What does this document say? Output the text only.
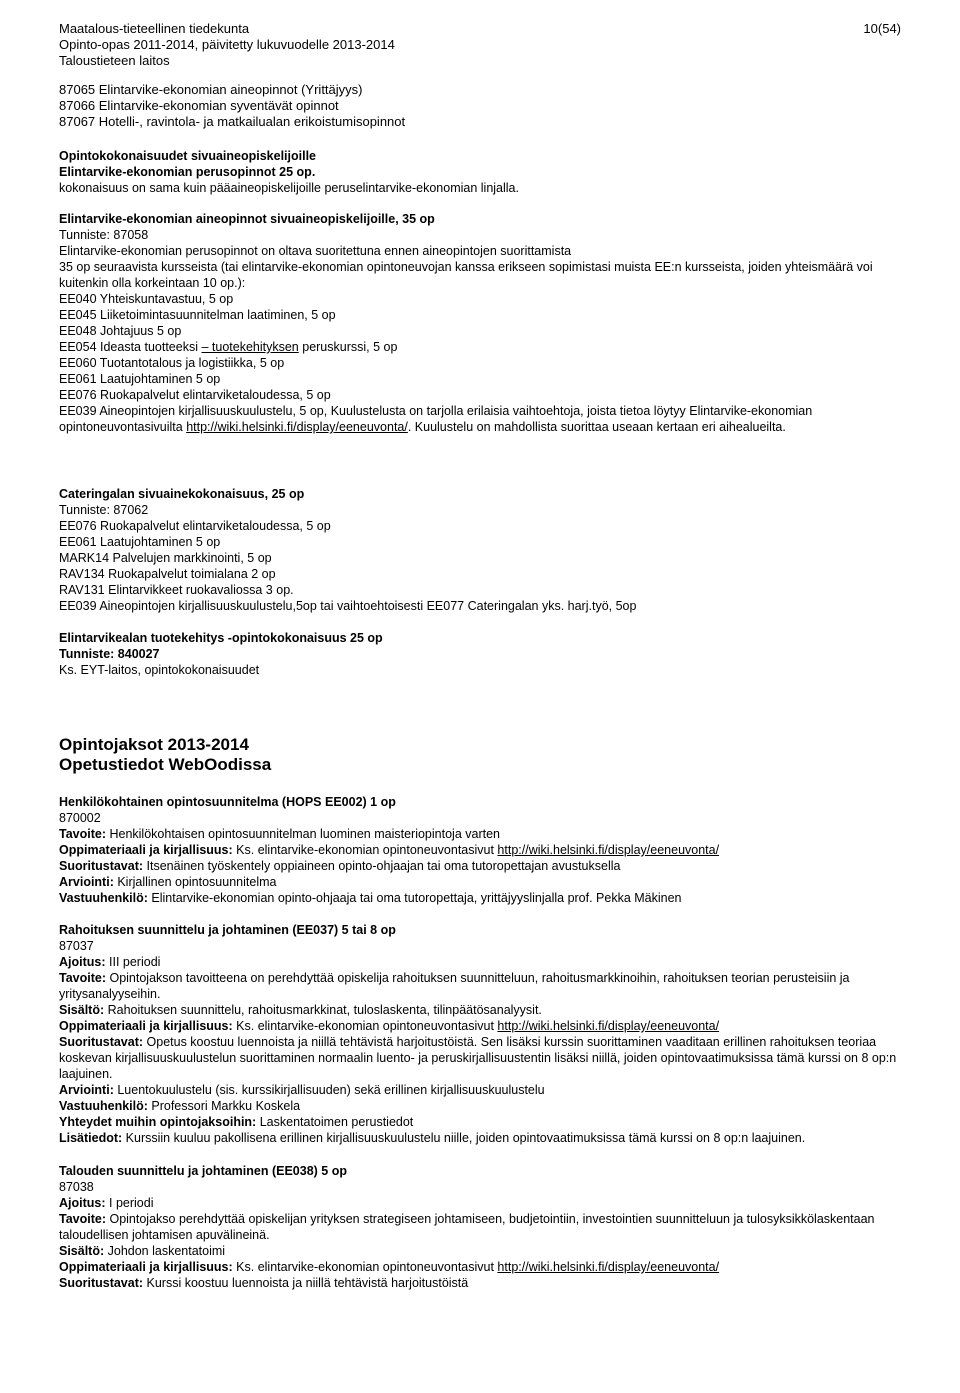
Maatalous-tieteellinen tiedekunta
Opinto-opas 2011-2014, päivitetty lukuvuodelle 2013-2014
Taloustieteen laitos
10(54)
87065 Elintarvike-ekonomian aineopinnot (Yrittäjyys)
87066 Elintarvike-ekonomian syventävät opinnot
87067 Hotelli-, ravintola- ja matkailualan erikoistumisopinnot
Opintokokonaisuudet sivuaineopiskelijoille
Elintarvike-ekonomian perusopinnot 25 op.
kokonaisuus on sama kuin pääaineopiskelijoille peruselintarvike-ekonomian linjalla.
Elintarvike-ekonomian aineopinnot sivuaineopiskelijoille, 35 op
Tunniste: 87058
Elintarvike-ekonomian perusopinnot on oltava suoritettuna ennen aineopintojen suorittamista
35 op seuraavista kursseista (tai elintarvike-ekonomian opintoneuvojan kanssa erikseen sopimistasi muista EE:n kursseista, joiden yhteismäärä voi kuitenkin olla korkeintaan 10 op.):
EE040 Yhteiskuntavastuu, 5 op
EE045 Liiketoimintasuunnitelman laatiminen, 5 op
EE048 Johtajuus 5 op
EE054 Ideasta tuotteeksi – tuotekehityksen peruskurssi, 5 op
EE060 Tuotantotalous ja logistiikka, 5 op
EE061 Laatujohtaminen 5 op
EE076 Ruokapalvelut elintarviketaloudessa, 5 op
EE039 Aineopintojen kirjallisuuskuulustelu, 5 op, Kuulustelusta on tarjolla erilaisia vaihtoehtoja, joista tietoa löytyy Elintarvike-ekonomian opintoneuvontasivuilta http://wiki.helsinki.fi/display/eeneuvonta/. Kuulustelu on mahdollista suorittaa useaan kertaan eri aihealueilta.
Cateringalan sivuainekokonaisuus, 25 op
Tunniste: 87062
EE076 Ruokapalvelut elintarviketaloudessa, 5 op
EE061 Laatujohtaminen 5 op
MARK14 Palvelujen markkinointi, 5 op
RAV134 Ruokapalvelut toimialana 2 op
RAV131 Elintarvikkeet ruokavaliossa 3 op.
EE039 Aineopintojen kirjallisuuskuulustelu,5op tai vaihtoehtoisesti EE077 Cateringalan yks. harj.työ, 5op
Elintarvikealan tuotekehitys -opintokokonaisuus 25 op
Tunniste: 840027
Ks. EYT-laitos, opintokokonaisuudet
Opintojaksot 2013-2014
Opetustiedot WebOodissa
Henkilökohtainen opintosuunnitelma (HOPS EE002) 1 op
870002
Tavoite: Henkilökohtaisen opintosuunnitelman luominen maisteriopintoja varten
Oppimateriaali ja kirjallisuus: Ks. elintarvike-ekonomian opintoneuvontasivut http://wiki.helsinki.fi/display/eeneuvonta/
Suoritustavat: Itsenäinen työskentely oppiaineen opinto-ohjaajan tai oma tutoropettajan avustuksella
Arviointi: Kirjallinen opintosuunnitelma
Vastuuhenkilö: Elintarvike-ekonomian opinto-ohjaaja tai oma tutoropettaja, yrittäjyyslinjalla prof. Pekka Mäkinen
Rahoituksen suunnittelu ja johtaminen (EE037) 5 tai 8 op
87037
Ajoitus: III periodi
Tavoite: Opintojakson tavoitteena on perehdyttää opiskelija rahoituksen suunnitteluun, rahoitusmarkkinoihin, rahoituksen teorian perusteisiin ja yritysanalyyseihin.
Sisältö: Rahoituksen suunnittelu, rahoitusmarkkinat, tuloslaskenta, tilinpäätösanalyysit.
Oppimateriaali ja kirjallisuus: Ks. elintarvike-ekonomian opintoneuvontasivut http://wiki.helsinki.fi/display/eeneuvonta/
Suoritustavat: Opetus koostuu luennoista ja niillä tehtävistä harjoitustöistä. Sen lisäksi kurssin suorittaminen vaaditaan erillinen rahoituksen teoriaa koskevan kirjallisuuskuulustelun suorittaminen normaalin luento- ja peruskirjallisuustentin lisäksi niillä, joiden opintovaatimuksissa tämä kurssi on 8 op:n laajuinen.
Arviointi: Luentokuulustelu (sis. kurssikirjallisuuden) sekä erillinen kirjallisuuskuulustelu
Vastuuhenkilö: Professori Markku Koskela
Yhteydet muihin opintojaksoihin: Laskentatoimen perustiedot
Lisätiedot: Kurssiin kuuluu pakollisena erillinen kirjallisuuskuulustelu niille, joiden opintovaatimuksissa tämä kurssi on 8 op:n laajuinen.
Talouden suunnittelu ja johtaminen (EE038) 5 op
87038
Ajoitus: I periodi
Tavoite: Opintojakso perehdyttää opiskelijan yrityksen strategiseen johtamiseen, budjetointiin, investointien suunnitteluun ja tulosyksikkölaskentaan taloudellisen johtamisen apuvälineinä.
Sisältö: Johdon laskentatoimi
Oppimateriaali ja kirjallisuus: Ks. elintarvike-ekonomian opintoneuvontasivut http://wiki.helsinki.fi/display/eeneuvonta/
Suoritustavat: Kurssi koostuu luennoista ja niillä tehtävistä harjoitustöistä
